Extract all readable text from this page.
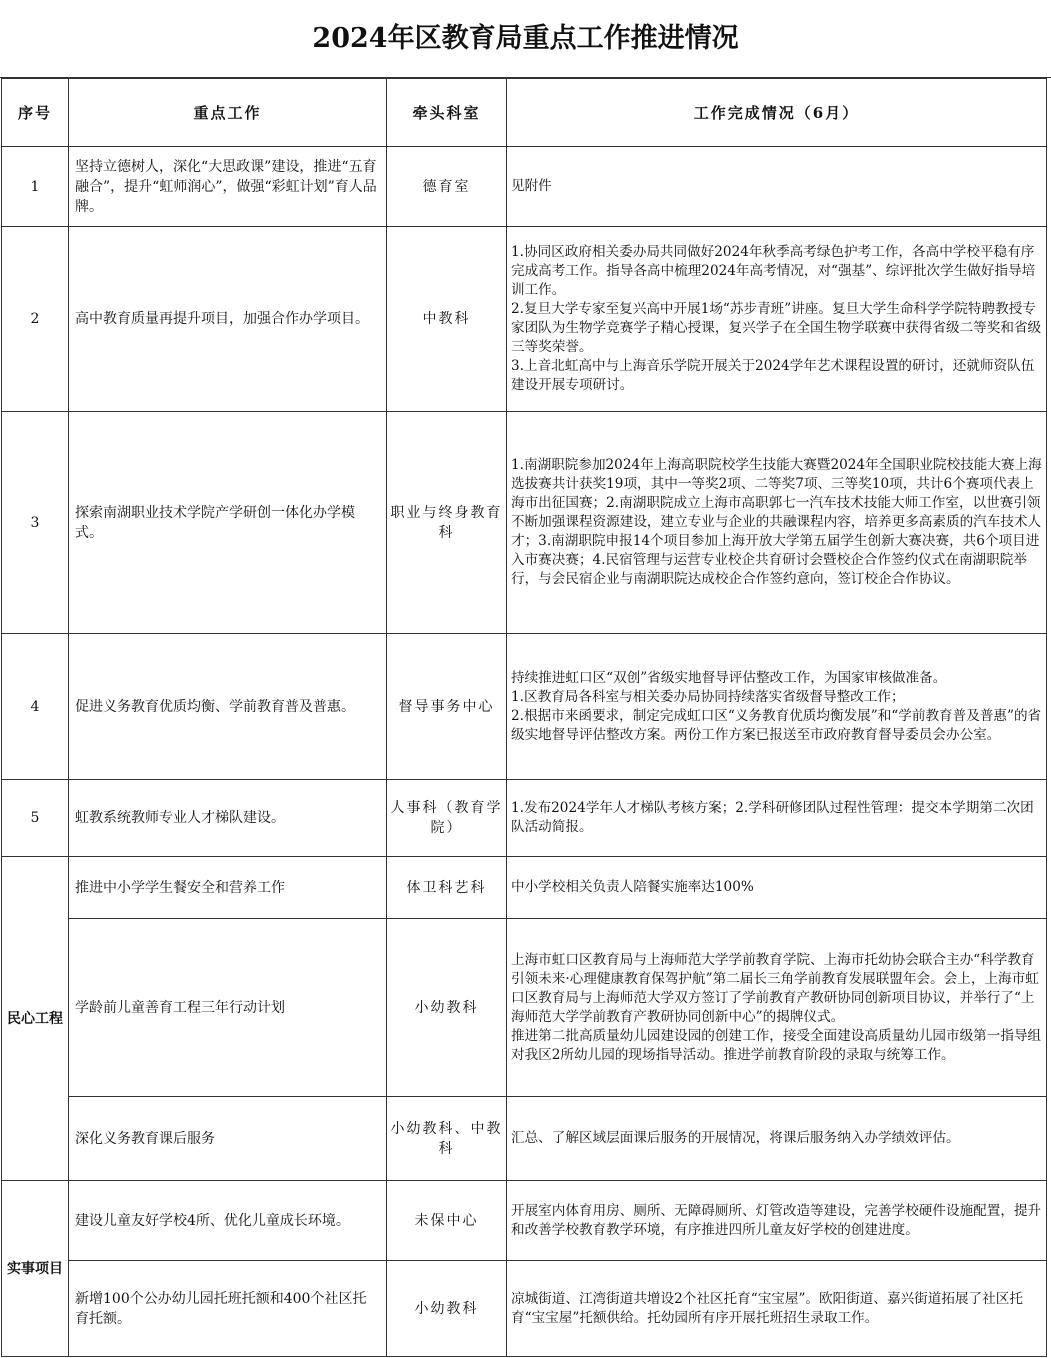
2024年区教育局重点工作推进情况
序号	重点工作	牵头科室	工作完成情况（6月）
1	坚持立德树人，深化“大思政课”建设，推进“五育融合”，提升“虹师润心”，做强“彩虹计划”育人品牌。	德育室	见附件

2	高中教育质量再提升项目，加强合作办学项目。	中教科	1.协同区政府相关委办局共同做好2024年秋季高考绿色护考工作，各高中学校平稳有序完成高考工作。指导各高中梳理2024年高考情况，对“强基”、综评批次学生做好指导培训工作。
2.复旦大学专家至复兴高中开展1场“苏步青班”讲座。复旦大学生命科学学院特聘教授专家团队为生物学竞赛学子精心授课，复兴学子在全国生物学联赛中获得省级二等奖和省级三等奖荣誉。
3.上音北虹高中与上海音乐学院开展关于2024学年艺术课程设置的研讨，还就师资队伍建设开展专项研讨。

3	探索南湖职业技术学院产学研创一体化办学模式。	职业与终身教育科	1.南湖职院参加2024年上海高职院校学生技能大赛暨2024年全国职业院校技能大赛上海选拔赛共计获奖19项，其中一等奖2项、二等奖7项、三等奖10项，共计6个赛项代表上海市出征国赛；2.南湖职院成立上海市高职郭七一汽车技术技能大师工作室，以世赛引领不断加强课程资源建设，建立专业与企业的共融课程内容，培养更多高素质的汽车技术人才；3.南湖职院申报14个项目参加上海开放大学第五届学生创新大赛决赛，共6个项目进入市赛决赛；4.民宿管理与运营专业校企共育研讨会暨校企合作签约仪式在南湖职院举行，与会民宿企业与南湖职院达成校企合作签约意向，签订校企合作协议。

4	促进义务教育优质均衡、学前教育普及普惠。	督导事务中心	持续推进虹口区“双创”省级实地督导评估整改工作，为国家审核做准备。
1.区教育局各科室与相关委办局协同持续落实省级督导整改工作；
2.根据市来函要求，制定完成虹口区“义务教育优质均衡发展”和“学前教育普及普惠”的省级实地督导评估整改方案。两份工作方案已报送至市政府教育督导委员会办公室。

5	虹教系统教师专业人才梯队建设。	人事科（教育学院）	1.发布2024学年人才梯队考核方案；2.学科研修团队过程性管理：提交本学期第二次团队活动简报。

民心工程	推进中小学学生餐安全和营养工作	体卫科艺科	中小学校相关负责人陪餐实施率达100%

	学龄前儿童善育工程三年行动计划	小幼教科	上海市虹口区教育局与上海师范大学学前教育学院、上海市托幼协会联合主办“科学教育引领未来·心理健康教育保驾护航”第二届长三角学前教育发展联盟年会。会上，上海市虹口区教育局与上海师范大学双方签订了学前教育产教研协同创新项目协议，并举行了“上海师范大学学前教育产教研协同创新中心”的揭牌仪式。
推进第二批高质量幼儿园建设园的创建工作，接受全面建设高质量幼儿园市级第一指导组对我区2所幼儿园的现场指导活动。推进学前教育阶段的录取与统筹工作。

	深化义务教育课后服务	小幼教科、中教科	汇总、了解区域层面课后服务的开展情况，将课后服务纳入办学绩效评估。

实事项目	建设儿童友好学校4所、优化儿童成长环境。	未保中心	开展室内体育用房、厕所、无障碍厕所、灯管改造等建设，完善学校硬件设施配置，提升和改善学校教育教学环境，有序推进四所儿童友好学校的创建进度。

	新增100个公办幼儿园托班托额和400个社区托育托额。	小幼教科	凉城街道、江湾街道共增设2个社区托育“宝宝屋”。欧阳街道、嘉兴街道拓展了社区托育“宝宝屋”托额供给。托幼园所有序开展托班招生录取工作。
